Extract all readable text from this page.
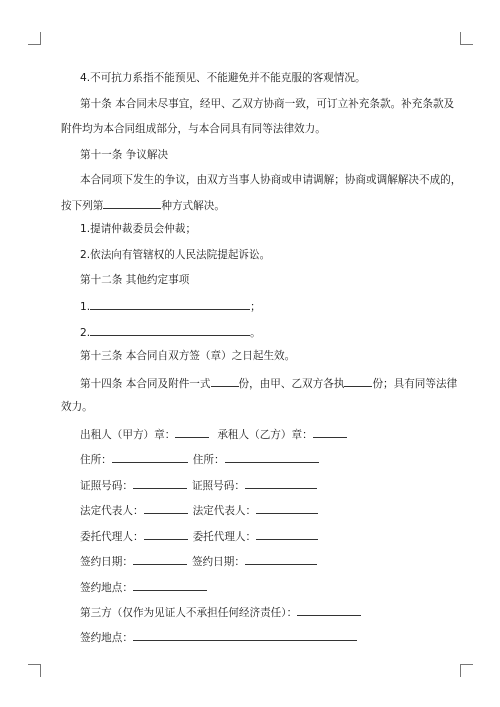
4.不可抗力系指不能预见、不能避免并不能克服的客观情况。
第十条 本合同未尽事宜，经甲、乙双方协商一致，可订立补充条款。补充条款及
附件均为本合同组成部分，与本合同具有同等法律效力。
第十一条 争议解决
本合同项下发生的争议，由双方当事人协商或申请调解；协商或调解解决不成的，
按下列第	种方式解决。
1.提请仲裁委员会仲裁；
2.依法向有管辖权的人民法院提起诉讼。
第十二条 其他约定事项
1.	；
2.	。
第十三条 本合同自双方签（章）之日起生效。
第十四条 本合同及附件一式	份，由甲、乙双方各执	份；具有同等法律
效力。
出租人（甲方）章：	承租人（乙方）章：
住所：	住所：
证照号码：	证照号码：
法定代表人：	法定代表人：
委托代理人：	委托代理人：
签约日期：	签约日期：
签约地点：
第三方（仅作为见证人不承担任何经济责任）：
签约地点：
